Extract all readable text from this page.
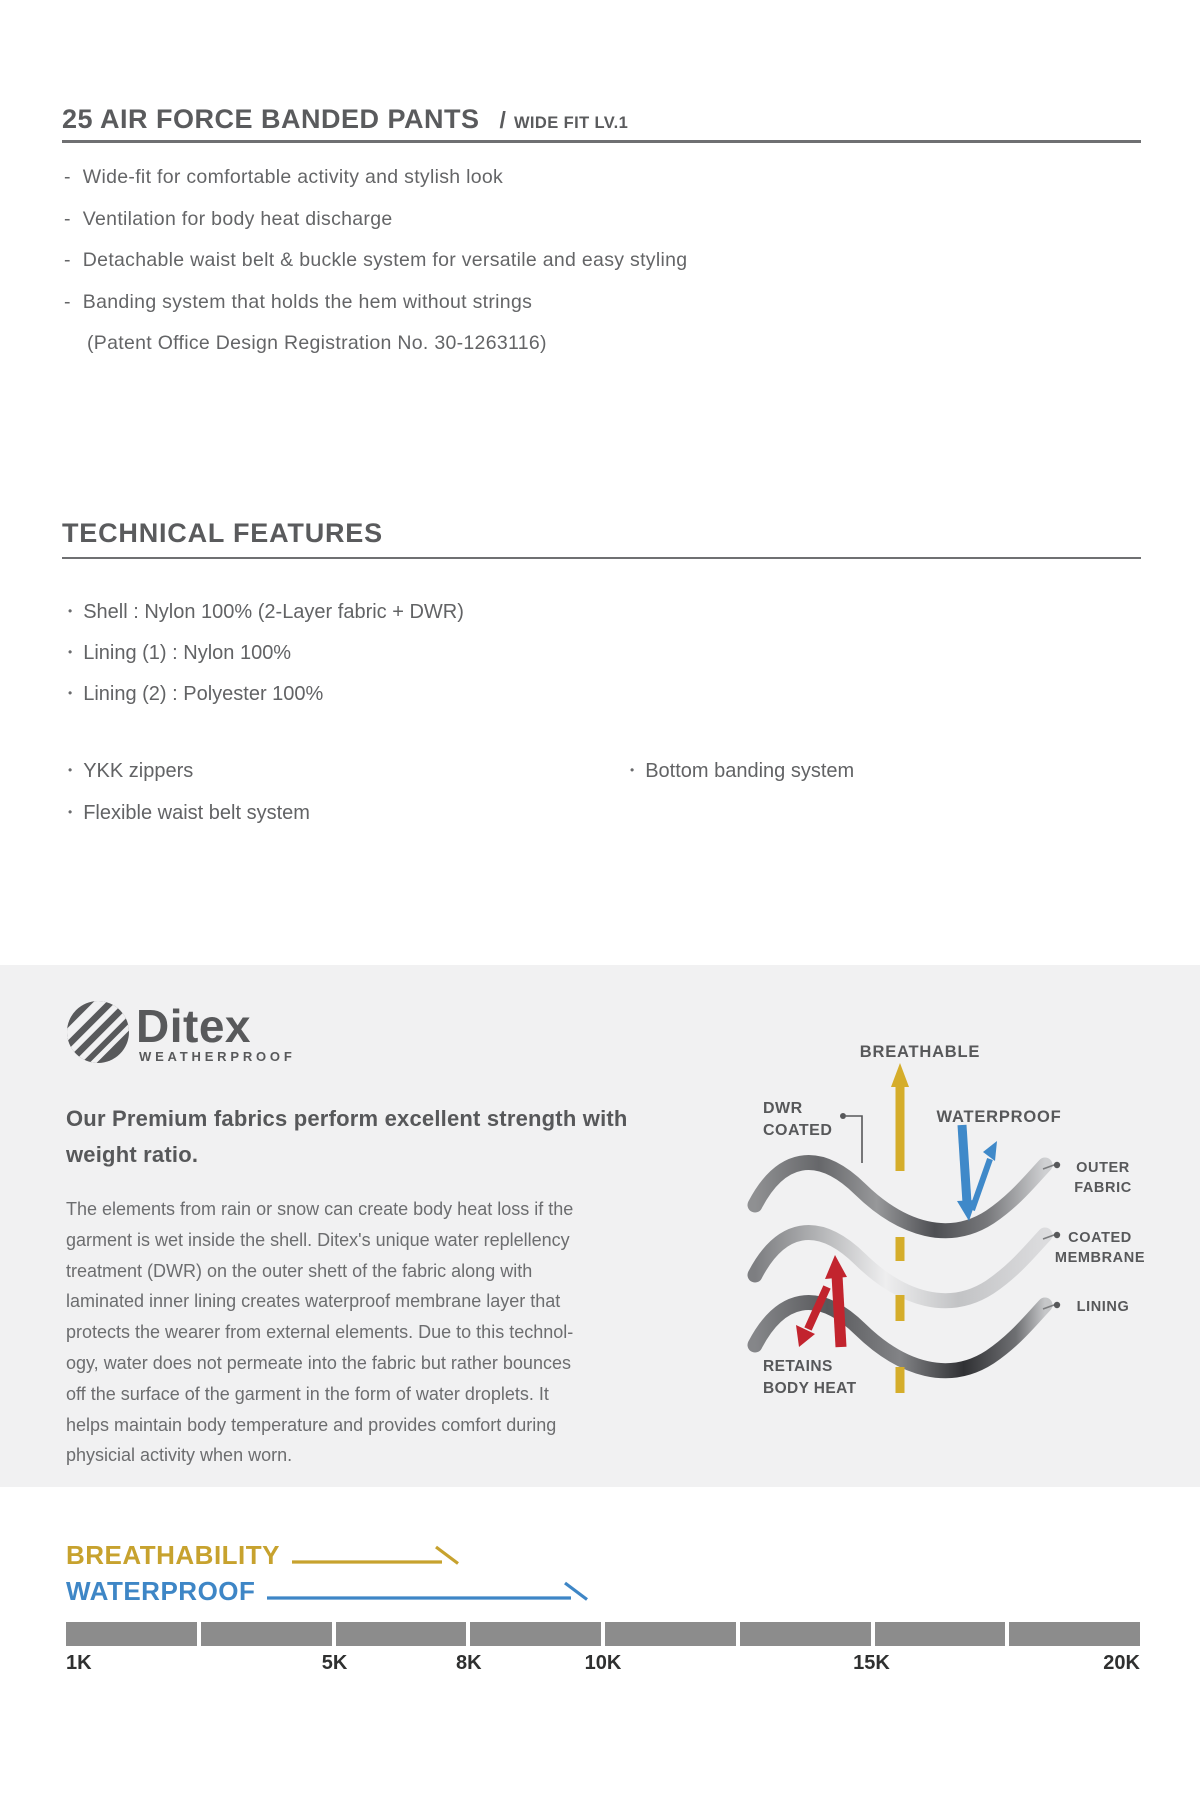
25 AIR FORCE BANDED PANTS / WIDE FIT LV.1
- Wide-fit for comfortable activity and stylish look
- Ventilation for body heat discharge
- Detachable waist belt & buckle system for versatile and easy styling
- Banding system that holds the hem without strings
(Patent Office Design Registration No. 30-1263116)
TECHNICAL FEATURES
• Shell : Nylon 100% (2-Layer fabric + DWR)
• Lining (1) : Nylon 100%
• Lining (2) : Polyester 100%
• YKK zippers
• Flexible waist belt system
• Bottom banding system
Ditex
WEATHERPROOF
Our Premium fabrics perform excellent strength with weight ratio.
The elements from rain or snow can create body heat loss if the
garment is wet inside the shell. Ditex's unique water replellency
treatment (DWR) on the outer shett of the fabric along with
laminated inner lining creates waterproof membrane layer that
protects the wearer from external elements. Due to this technol-
ogy, water does not permeate into the fabric but rather bounces
off the surface of the garment in the form of water droplets. It
helps maintain body temperature and provides comfort during
physicial activity when worn.
BREATHABLE
DWR
COATED
WATERPROOF
OUTER
FABRIC
COATED
MEMBRANE
LINING
RETAINS
BODY HEAT
BREATHABILITY
WATERPROOF
1K	5K	8K	10K	15K	20K
